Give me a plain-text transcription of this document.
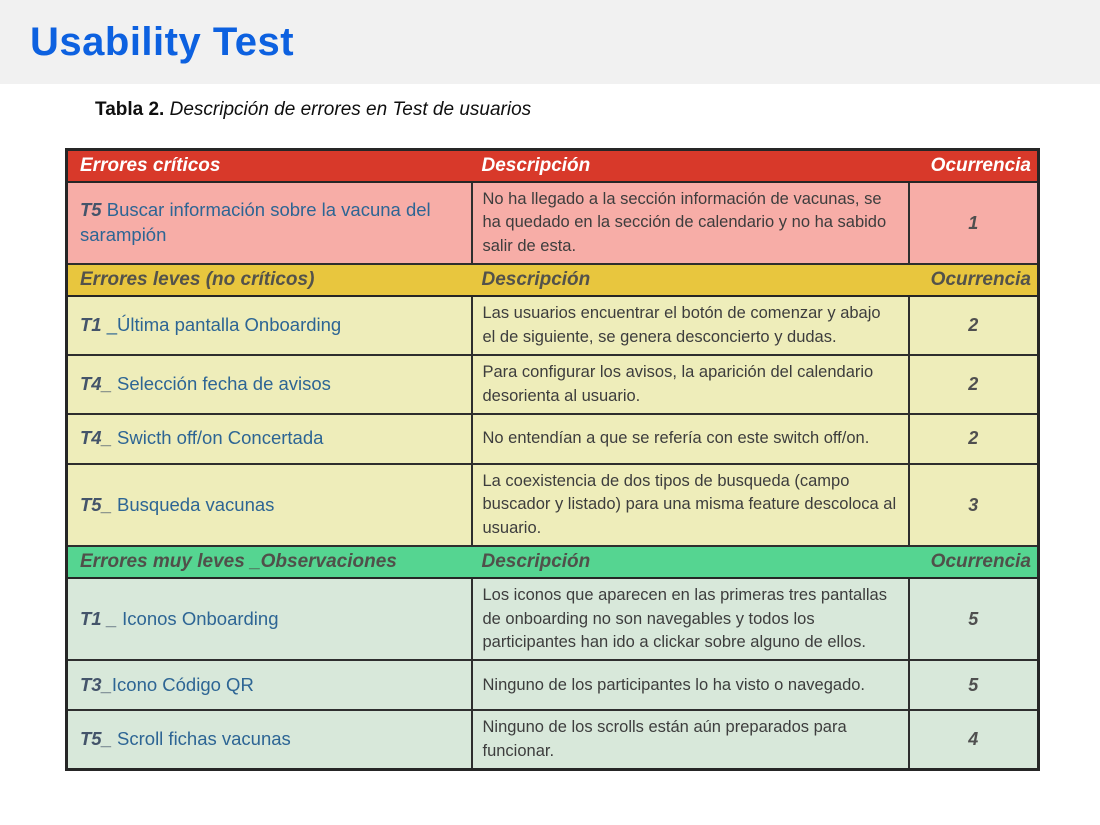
Usability Test

Tabla 2. Descripción de errores en Test de usuarios

Errores críticos	Descripción	Ocurrencia
T5 Buscar información sobre la vacuna del sarampión	No ha llegado a la sección información de vacunas, se ha quedado en la sección de calendario y no ha sabido salir de esta.	1
Errores leves (no críticos)	Descripción	Ocurrencia
T1 _Última pantalla Onboarding	Las usuarios encuentrar el botón de comenzar y abajo el de siguiente, se genera desconcierto y dudas.	2
T4_ Selección fecha de avisos	Para configurar los avisos, la aparición del calendario desorienta al usuario.	2
T4_ Swicth off/on Concertada	No entendían a que se refería con este switch off/on.	2
T5_ Busqueda vacunas	La coexistencia de dos tipos de busqueda (campo buscador y listado) para una misma feature descoloca al usuario.	3
Errores muy leves _Observaciones	Descripción	Ocurrencia
T1 _ Iconos Onboarding	Los iconos que aparecen en las primeras tres pantallas de onboarding no son navegables y todos los participantes han ido a clickar sobre alguno de ellos.	5
T3_Icono Código QR	Ninguno de los participantes lo ha visto o navegado.	5
T5_ Scroll fichas vacunas	Ninguno de los scrolls están aún preparados para funcionar.	4
